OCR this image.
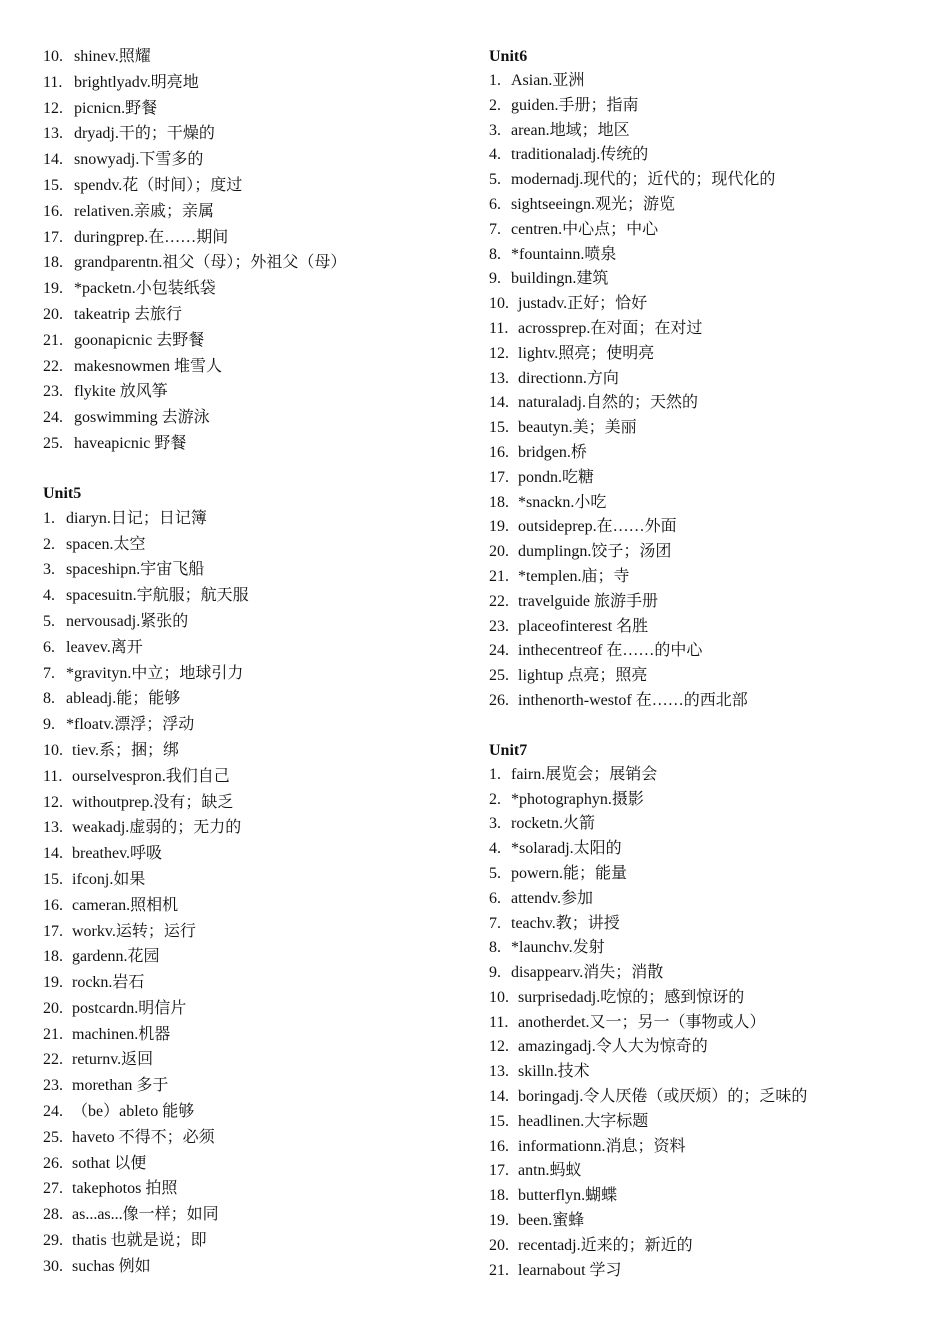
10. shinev.照耀
11. brightlyadv.明亮地
12. picnicn.野餐
13. dryadj.干的；干燥的
14. snowyadj.下雪多的
15. spendv.花（时间）；度过
16. relativen.亲戚；亲属
17. duringprep.在……期间
18. grandparentn.祖父（母）；外祖父（母）
19. *packetn.小包装纸袋
20. takeatrip 去旅行
21. goonapicnic 去野餐
22. makesnowmen 堆雪人
23. flykite 放风筝
24. goswimming 去游泳
25. haveapicnic 野餐
Unit5
1. diaryn.日记；日记簿
2. spacen.太空
3. spaceshipn.宇宙飞船
4. spacesuitn.宇航服；航天服
5. nervousadj.紧张的
6. leavev.离开
7. *gravityn.中立；地球引力
8. ableadj.能；能够
9. *floatv.漂浮；浮动
10. tiev.系；捆；绑
11. ourselvespron.我们自己
12. withoutprep.没有；缺乏
13. weakadj.虚弱的；无力的
14. breathev.呼吸
15. ifconj.如果
16. cameran.照相机
17. workv.运转；运行
18. gardenn.花园
19. rockn.岩石
20. postcardn.明信片
21. machinen.机器
22. returnv.返回
23. morethan 多于
24. （be）ableto 能够
25. haveto 不得不；必须
26. sothat 以便
27. takephotos 拍照
28. as...as...像一样；如同
29. thatis 也就是说；即
30. suchas 例如
Unit6
1. Asian.亚洲
2. guiden.手册；指南
3. arean.地域；地区
4. traditionaladj.传统的
5. modernadj.现代的；近代的；现代化的
6. sightseeingn.观光；游览
7. centren.中心点；中心
8. *fountainn.喷泉
9. buildingn.建筑
10. justadv.正好；恰好
11. acrossprep.在对面；在对过
12. lightv.照亮；使明亮
13. directionn.方向
14. naturaladj.自然的；天然的
15. beautyn.美；美丽
16. bridgen.桥
17. pondn.吃糖
18. *snackn.小吃
19. outsideprep.在……外面
20. dumplingn.饺子；汤团
21. *templen.庙；寺
22. travelguide 旅游手册
23. placeofinterest 名胜
24. inthecentreof 在……的中心
25. lightup 点亮；照亮
26. inthenorth-westof 在……的西北部
Unit7
1. fairn.展览会；展销会
2. *photographyn.摄影
3. rocketn.火箭
4. *solaradj.太阳的
5. powern.能；能量
6. attendv.参加
7. teachv.教；讲授
8. *launchv.发射
9. disappearv.消失；消散
10. surprisedadj.吃惊的；感到惊讶的
11. anotherdet.又一；另一（事物或人）
12. amazingadj.令人大为惊奇的
13. skilln.技术
14. boringadj.令人厌倦（或厌烦）的；乏味的
15. headlinen.大字标题
16. informationn.消息；资料
17. antn.蚂蚁
18. butterflyn.蝴蝶
19. been.蜜蜂
20. recentadj.近来的；新近的
21. learnabout 学习
